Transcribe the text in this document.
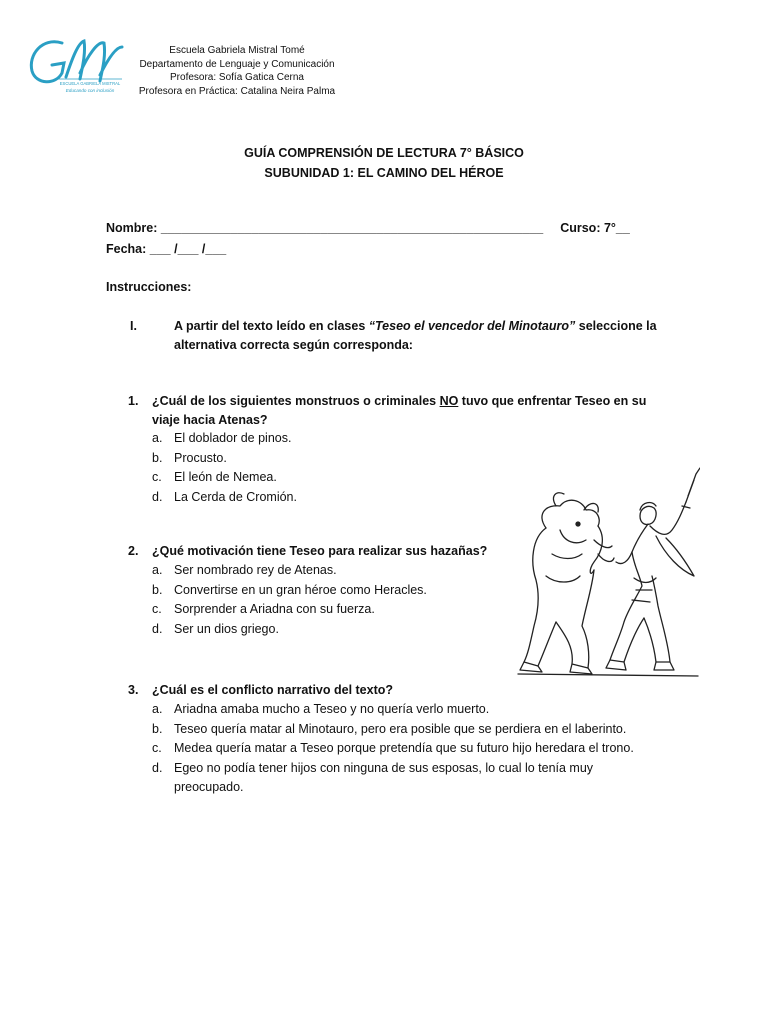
ESCUELA GABRIELA MISTRAL
Educando con inclusión
Escuela Gabriela Mistral Tomé
Departamento de Lenguaje y Comunicación
Profesora: Sofía Gatica Cerna
Profesora en Práctica: Catalina Neira Palma
GUÍA COMPRENSIÓN DE LECTURA 7° BÁSICO
SUBUNIDAD 1: EL CAMINO DEL HÉROE
Nombre: _______________________________________________________ Curso: 7°__
Fecha: ___ /___ /___
Instrucciones:
I.	A partir del texto leído en clases “Teseo el vencedor del Minotauro” seleccione la alternativa correcta según corresponda:
1. ¿Cuál de los siguientes monstruos o criminales NO tuvo que enfrentar Teseo en su viaje hacia Atenas?
a. El doblador de pinos.
b. Procusto.
c. El león de Nemea.
d. La Cerda de Cromión.
2. ¿Qué motivación tiene Teseo para realizar sus hazañas?
a. Ser nombrado rey de Atenas.
b. Convertirse en un gran héroe como Heracles.
c. Sorprender a Ariadna con su fuerza.
d. Ser un dios griego.
3. ¿Cuál es el conflicto narrativo del texto?
a. Ariadna amaba mucho a Teseo y no quería verlo muerto.
b. Teseo quería matar al Minotauro, pero era posible que se perdiera en el laberinto.
c. Medea quería matar a Teseo porque pretendía que su futuro hijo heredara el trono.
d. Egeo no podía tener hijos con ninguna de sus esposas, lo cual lo tenía muy preocupado.
